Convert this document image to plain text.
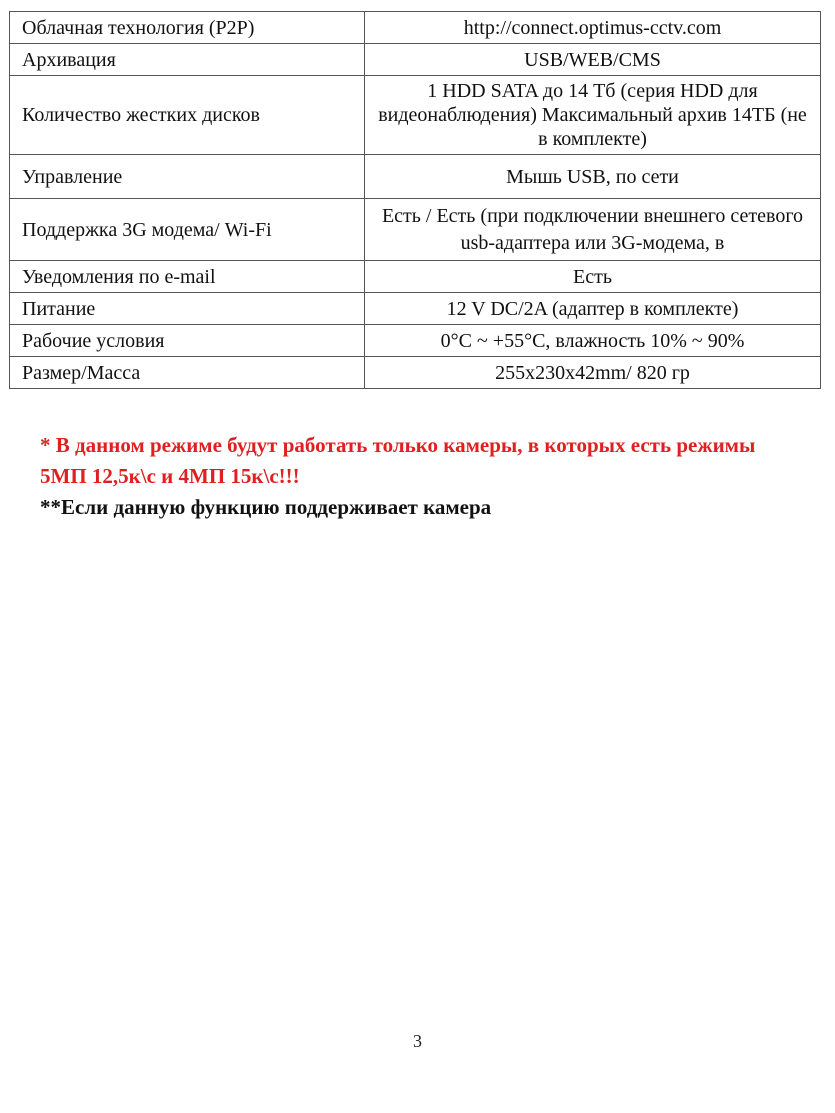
Облачная технология (P2P)	http://connect.optimus-cctv.com
Архивация	USB/WEB/CMS
Количество жестких дисков	1 HDD SATA до 14 Тб (серия HDD для видеонаблюдения) Максимальный архив 14ТБ (не в комплекте)
Управление	Мышь USB, по сети
Поддержка 3G модема/ Wi-Fi	Есть / Есть (при подключении внешнего сетевого usb-адаптера или 3G-модема, в

Уведомления по e-mail	Есть
Питание	12 V DC/2A (адаптер в комплекте)
Рабочие условия	0°C ~ +55°C, влажность 10% ~ 90%
Размер/Масса	255x230x42mm/ 820 гр

* В данном режиме будут работать только камеры, в которых есть режимы 5МП 12,5к\с и 4МП 15к\с!!!

**Если данную функцию поддерживает камера

3
